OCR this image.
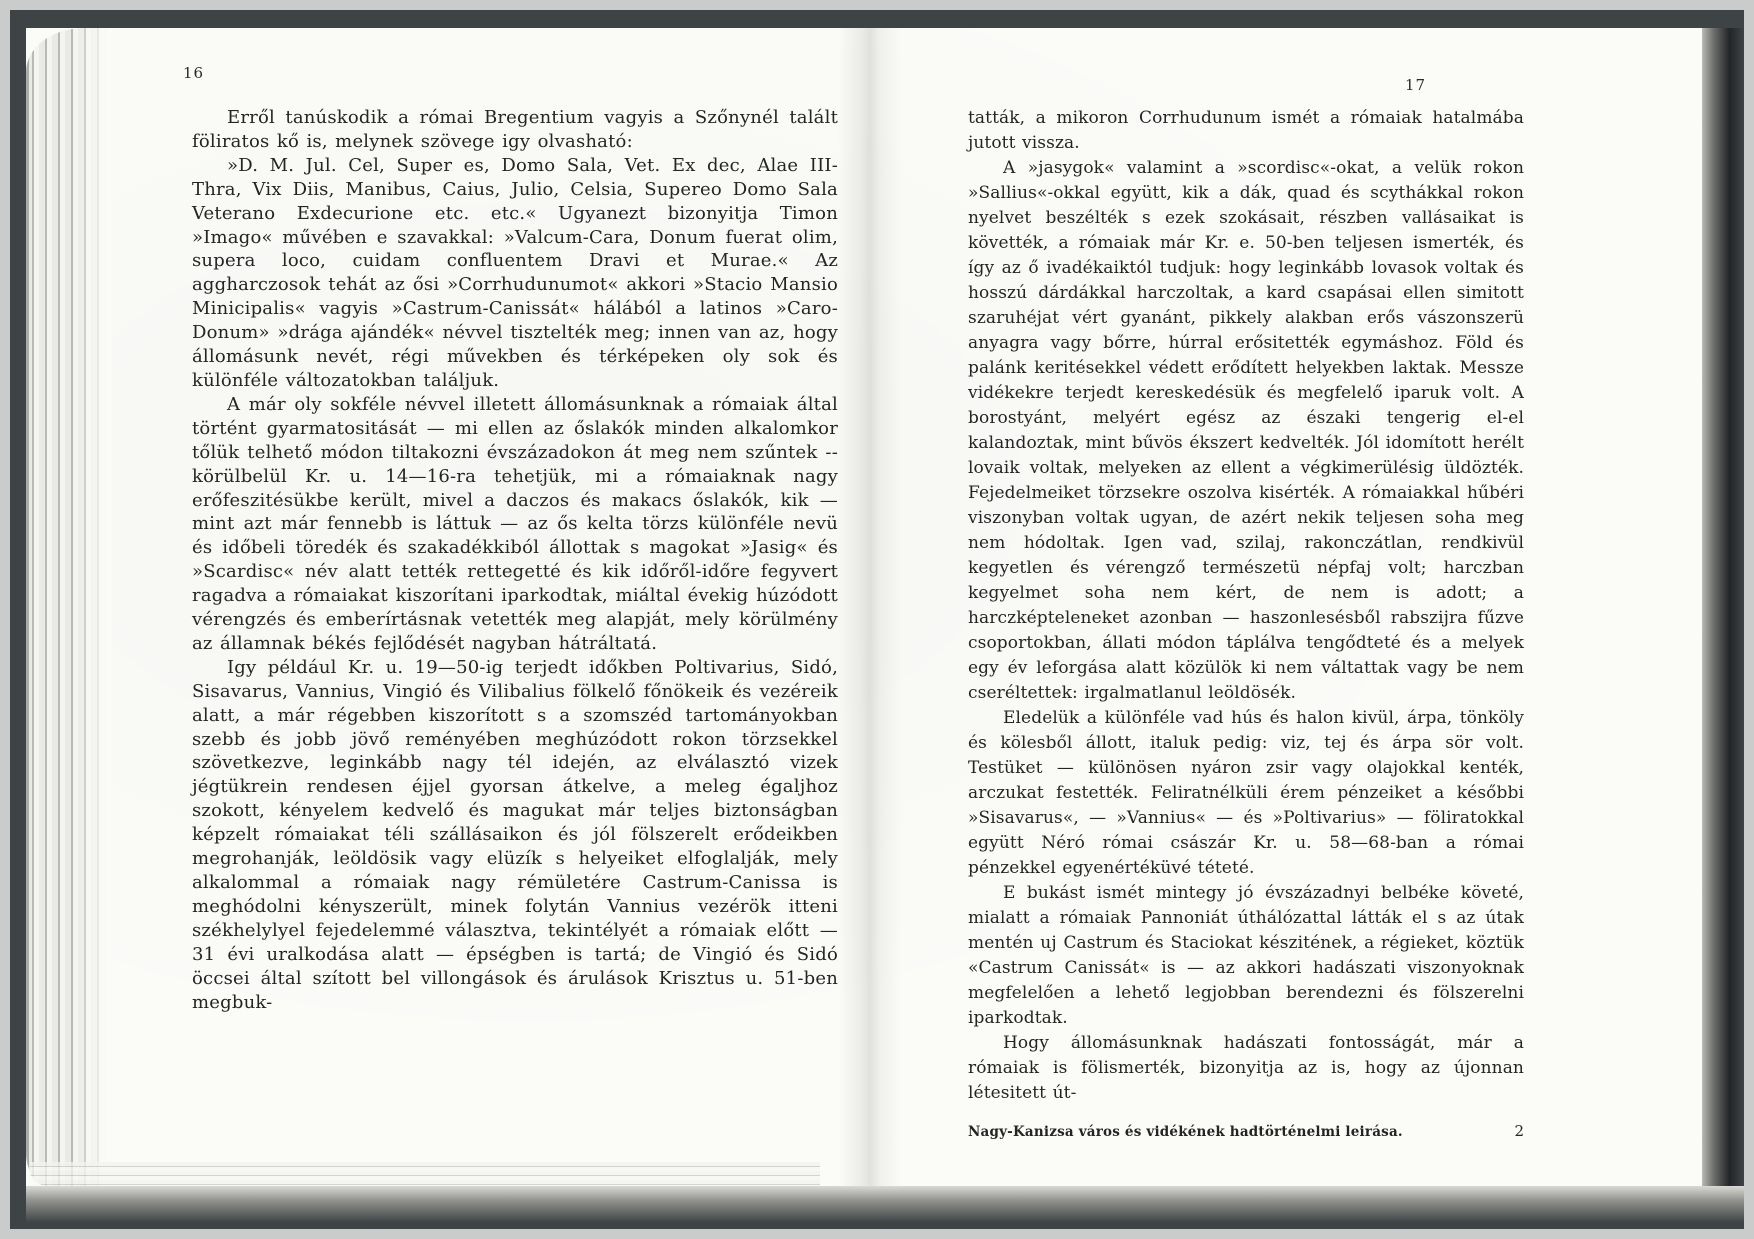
16

Erről tanúskodik a római Bregentium vagyis a Szőnynél talált föliratos kő is, melynek szövege igy olvasható:

»D. M. Jul. Cel, Super es, Domo Sala, Vet. Ex dec, Alae III- Thra, Vix Diis, Manibus, Caius, Julio, Celsia, Supereo Domo Sala Veterano Exdecurione etc. etc.« Ugyanezt bizonyitja Timon »Imago« művében e szavakkal: »Valcum-Cara, Donum fuerat olim, supera loco, cuidam confluentem Dravi et Murae.« Az aggharczosok tehát az ősi »Corrhudunumot« akkori »Stacio Mansio Minicipalis« vagyis »Castrum-Canissát« hálából a latinos »Caro-Donum» »drága ajándék« névvel tisztelték meg; innen van az, hogy állomásunk nevét, régi művekben és térképeken oly sok és különféle változatokban találjuk.

A már oly sokféle névvel illetett állomásunknak a rómaiak által történt gyarmatositását — mi ellen az őslakók minden alkalomkor tőlük telhető módon tiltakozni évszázadokon át meg nem szűntek -- körülbelül Kr. u. 14—16-ra tehetjük, mi a rómaiaknak nagy erőfeszitésükbe került, mivel a daczos és makacs őslakók, kik — mint azt már fennebb is láttuk — az ős kelta törzs különféle nevü és időbeli töredék és szakadékkiból állottak s magokat »Jasig« és »Scardisc« név alatt tették rettegetté és kik időről-időre fegyvert ragadva a rómaiakat kiszorítani iparkodtak, miáltal évekig húzódott vérengzés és emberírtásnak vetették meg alapját, mely körülmény az államnak békés fejlődését nagyban hátráltatá.

Igy például Kr. u. 19—50-ig terjedt időkben Poltivarius, Sidó, Sisavarus, Vannius, Vingió és Vilibalius fölkelő főnökeik és vezéreik alatt, a már régebben kiszorított s a szomszéd tartományokban szebb és jobb jövő reményében meghúzódott rokon törzsekkel szövetkezve, leginkább nagy tél idején, az elválasztó vizek jégtükrein rendesen éjjel gyorsan átkelve, a meleg égaljhoz szokott, kényelem kedvelő és magukat már teljes biztonságban képzelt rómaiakat téli szállásaikon és jól fölszerelt erődeikben megrohanják, leöldösik vagy elüzík s helyeiket elfoglalják, mely alkalommal a rómaiak nagy rémületére Castrum-Canissa is meghódolni kényszerült, minek folytán Vannius vezérök itteni székhelylyel fejedelemmé választva, tekintélyét a rómaiak előtt — 31 évi uralkodása alatt — épségben is tartá; de Vingió és Sidó öccsei által szított bel villongások és árulások Krisztus u. 51-ben megbuk-

17

tatták, a mikoron Corrhudunum ismét a rómaiak hatalmába jutott vissza.

A »jasygok« valamint a »scordisc«-okat, a velük rokon »Sallius«-okkal együtt, kik a dák, quad és scythákkal rokon nyelvet beszélték s ezek szokásait, részben vallásaikat is követték, a rómaiak már Kr. e. 50-ben teljesen ismerték, és így az ő ivadékaiktól tudjuk: hogy leginkább lovasok voltak és hosszú dárdákkal harczoltak, a kard csapásai ellen simitott szaruhéjat vért gyanánt, pikkely alakban erős vászonszerü anyagra vagy bőrre, húrral erősitették egymáshoz. Föld és palánk keritésekkel védett erődített helyekben laktak. Messze vidékekre terjedt kereskedésük és megfelelő iparuk volt. A borostyánt, melyért egész az északi tengerig el-el kalandoztak, mint bűvös ékszert kedvelték. Jól idomított herélt lovaik voltak, melyeken az ellent a végkimerülésig üldözték. Fejedelmeiket törzsekre oszolva kisérték. A rómaiakkal hűbéri viszonyban voltak ugyan, de azért nekik teljesen soha meg nem hódoltak. Igen vad, szilaj, rakonczátlan, rendkivül kegyetlen és vérengző természetü népfaj volt; harczban kegyelmet soha nem kért, de nem is adott; a harczképteleneket azonban — haszonlesésből rabszijra fűzve csoportokban, állati módon táplálva tengődteté és a melyek egy év leforgása alatt közülök ki nem váltattak vagy be nem cseréltettek: irgalmatlanul leöldösék.

Eledelük a különféle vad hús és halon kivül, árpa, tönköly és kölesből állott, italuk pedig: viz, tej és árpa sör volt. Testüket — különösen nyáron zsir vagy olajokkal kenték, arczukat festették. Feliratnélküli érem pénzeiket a későbbi »Sisavarus«, — »Vannius« — és »Poltivarius» — föliratokkal együtt Néró római császár Kr. u. 58—68-ban a római pénzekkel egyenértéküvé téteté.

E bukást ismét mintegy jó évszázadnyi belbéke követé, mialatt a rómaiak Pannoniát úthálózattal látták el s az útak mentén uj Castrum és Staciokat készitének, a régieket, köztük «Castrum Canissát« is — az akkori hadászati viszonyoknak megfelelően a lehető legjobban berendezni és fölszerelni iparkodtak.

Hogy állomásunknak hadászati fontosságát, már a rómaiak is fölismerték, bizonyitja az is, hogy az újonnan létesitett út-

Nagy-Kanizsa város és vidékének hadtörténelmi leirása.	2
